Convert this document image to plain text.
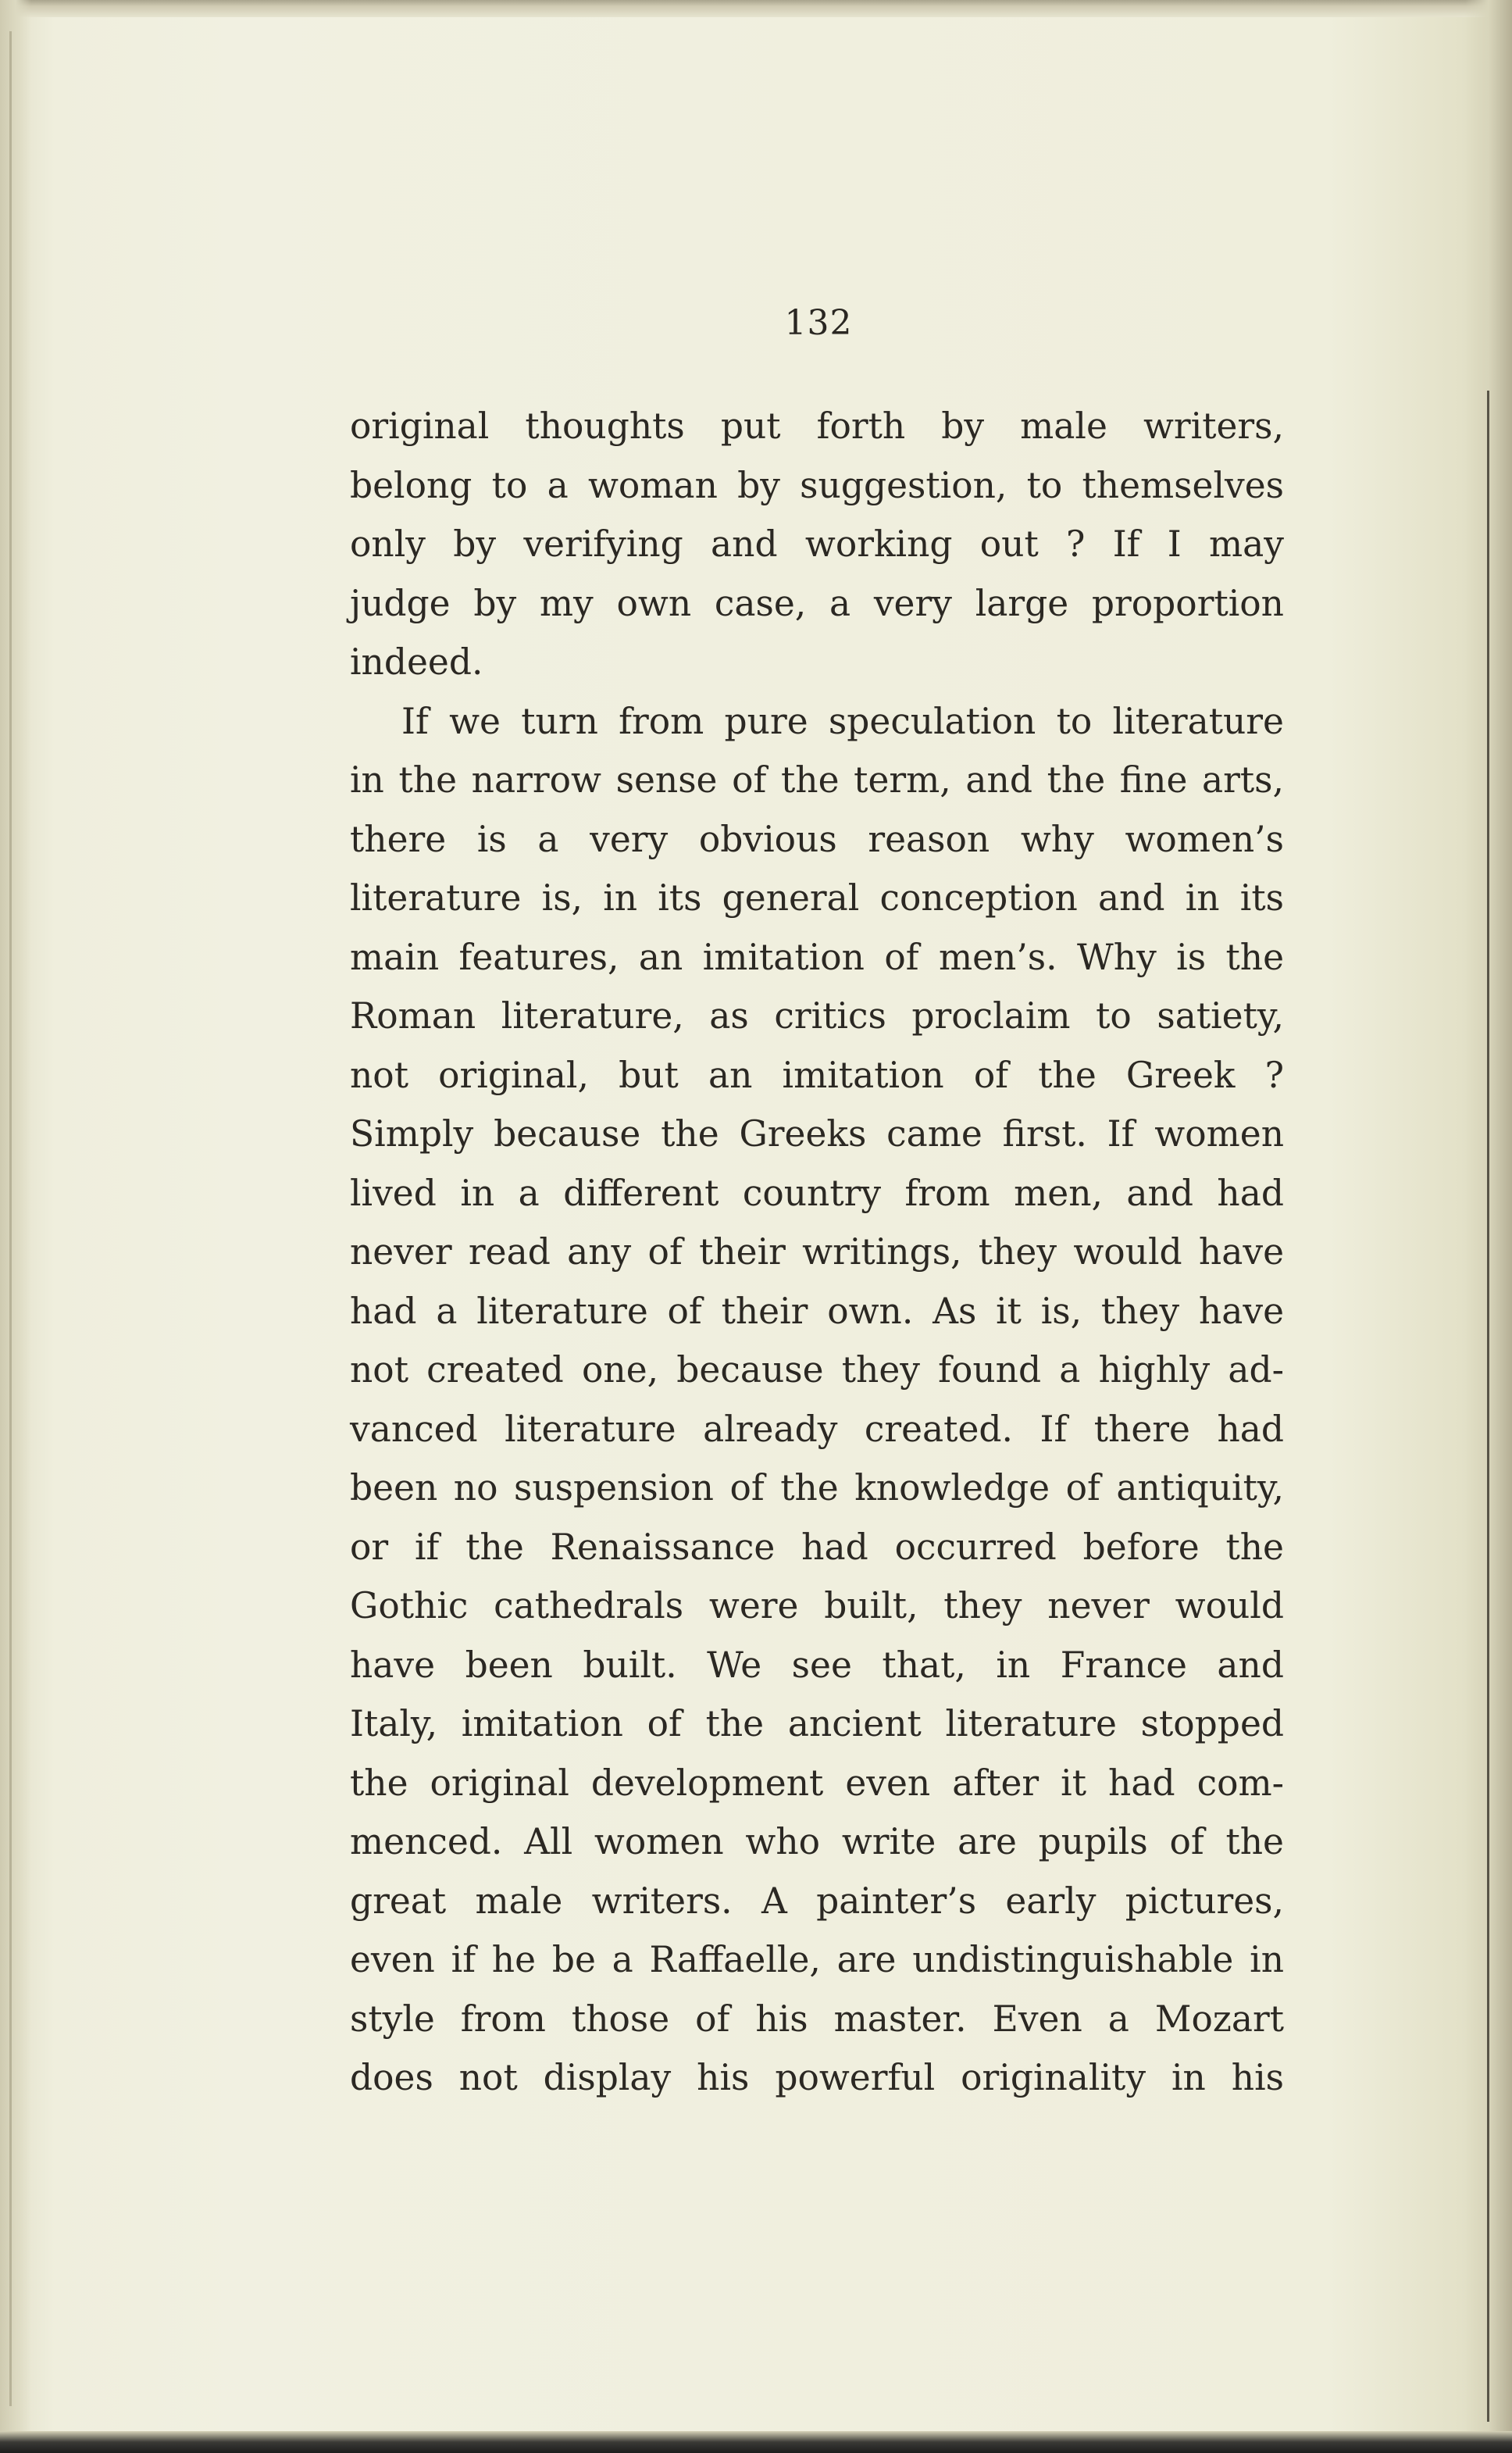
132
original thoughts put forth by male writers,
belong to a woman by suggestion, to themselves
only by verifying and working out ? If I may
judge by my own case, a very large proportion
indeed.
If we turn from pure speculation to literature
in the narrow sense of the term, and the fine arts,
there is a very obvious reason why women’s
literature is, in its general conception and in its
main features, an imitation of men’s. Why is the
Roman literature, as critics proclaim to satiety,
not original, but an imitation of the Greek ?
Simply because the Greeks came first. If women
lived in a different country from men, and had
never read any of their writings, they would have
had a literature of their own. As it is, they have
not created one, because they found a highly ad-
vanced literature already created. If there had
been no suspension of the knowledge of antiquity,
or if the Renaissance had occurred before the
Gothic cathedrals were built, they never would
have been built. We see that, in France and
Italy, imitation of the ancient literature stopped
the original development even after it had com-
menced. All women who write are pupils of the
great male writers. A painter’s early pictures,
even if he be a Raffaelle, are undistinguishable in
style from those of his master. Even a Mozart
does not display his powerful originality in his
